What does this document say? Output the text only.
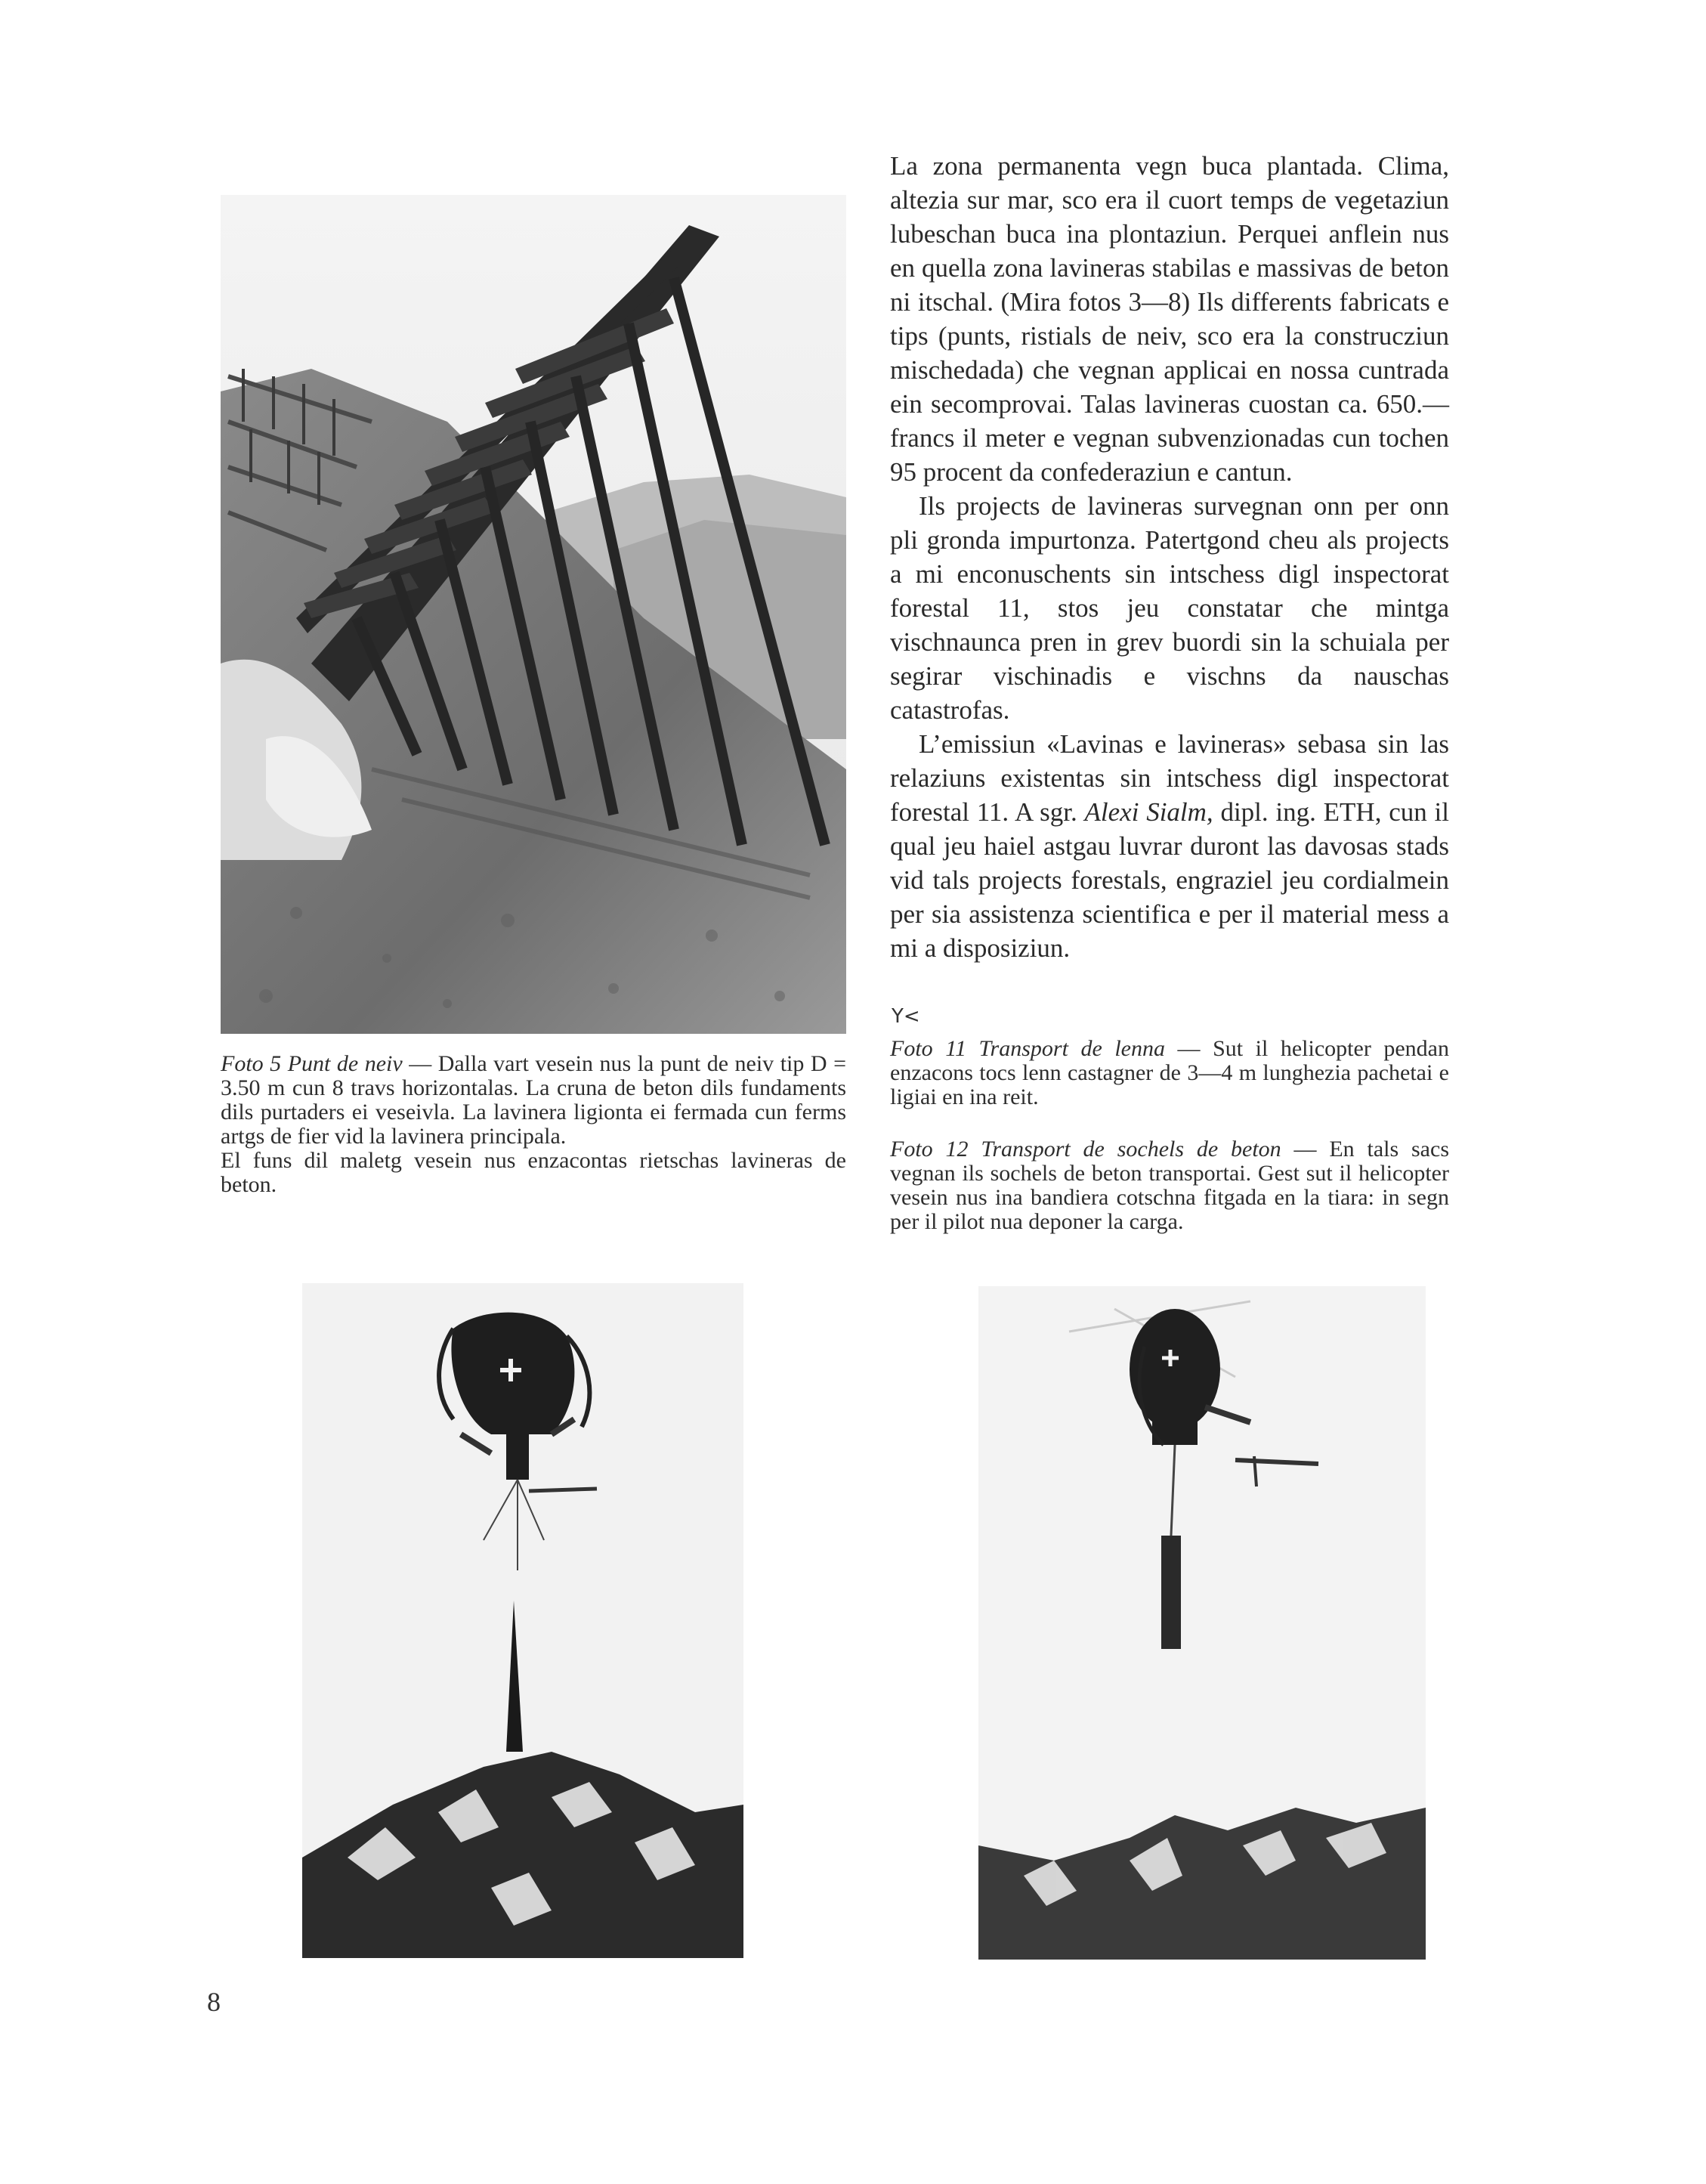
La zona permanenta vegn buca plantada. Clima, altezia sur mar, sco era il cuort temps de vegetaziun lubeschan buca ina plontaziun. Perquei anflein nus en quella zona lavineras stabilas e massivas de beton ni itschal. (Mira fotos 3—8) Ils differents fabricats e tips (punts, ristials de neiv, sco era la construcziun mischedada) che vegnan applicai en nossa cuntrada ein secomprovai. Talas lavineras cuostan ca. 650.— francs il meter e vegnan subvenzionadas cun tochen 95 procent da confederaziun e cantun.

Ils projects de lavineras survegnan onn per onn pli gronda impurtonza. Patertgond cheu als projects a mi enconuschents sin intschess digl inspectorat forestal 11, stos jeu constatar che mintga vischnaunca pren in grev buordi sin la schuiala per segirar vischinadis e vischns da nauschas catastrofas.

L’emissiun «Lavinas e lavineras» sebasa sin las relaziuns existentas sin intschess digl inspectorat forestal 11. A sgr. Alexi Sialm, dipl. ing. ETH, cun il qual jeu haiel astgau luvrar duront las davosas stads vid tals projects forestals, engraziel jeu cordialmein per sia assistenza scientifica e per il material mess a mi a disposiziun.

Y<
Foto 5 Punt de neiv — Dalla vart vesein nus la punt de neiv tip D = 3.50 m cun 8 travs horizontalas. La cruna de beton dils fundaments dils purtaders ei veseivla. La lavinera ligionta ei fermada cun ferms artgs de fier vid la lavinera principala.
El funs dil maletg vesein nus enzacontas rietschas lavineras de beton.
Foto 11 Transport de lenna — Sut il helicopter pendan enzacons tocs lenn castagner de 3—4 m lunghezia pachetai e ligiai en ina reit.
Foto 12 Transport de sochels de beton — En tals sacs vegnan ils sochels de beton transportai. Gest sut il helicopter vesein nus ina bandiera cotschna fitgada en la tiara: in segn per il pilot nua deponer la carga.
8
